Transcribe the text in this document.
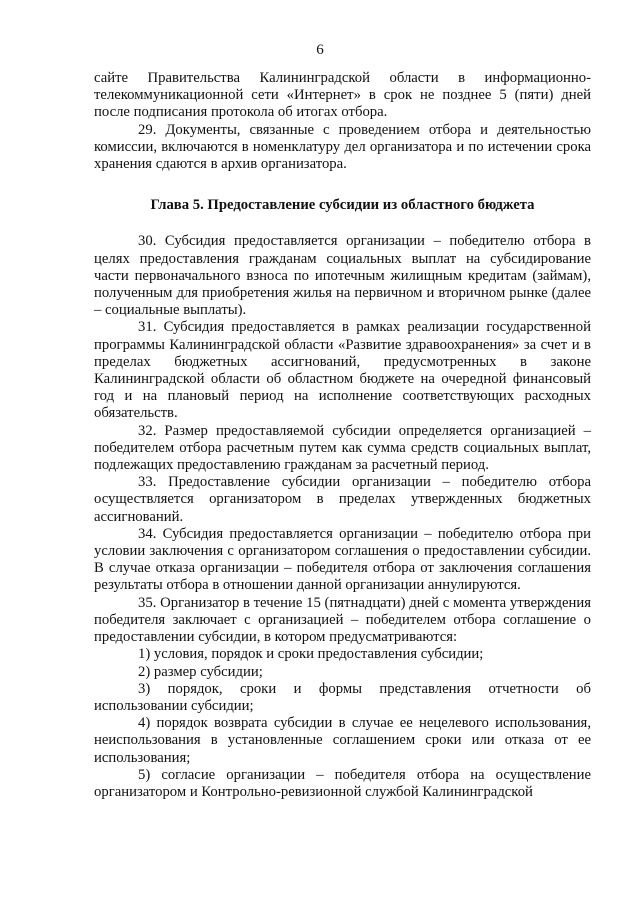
6

сайте Правительства Калининградской области в информационно-телекоммуникационной сети «Интернет» в срок не позднее 5 (пяти) дней после подписания протокола об итогах отбора.

29. Документы, связанные с проведением отбора и деятельностью комиссии, включаются в номенклатуру дел организатора и по истечении срока хранения сдаются в архив организатора.

Глава 5. Предоставление субсидии из областного бюджета

30. Субсидия предоставляется организации – победителю отбора в целях предоставления гражданам социальных выплат на субсидирование части первоначального взноса по ипотечным жилищным кредитам (займам), полученным для приобретения жилья на первичном и вторичном рынке (далее – социальные выплаты).

31. Субсидия предоставляется в рамках реализации государственной программы Калининградской области «Развитие здравоохранения» за счет и в пределах бюджетных ассигнований, предусмотренных в законе Калининградской области об областном бюджете на очередной финансовый год и на плановый период на исполнение соответствующих расходных обязательств.

32. Размер предоставляемой субсидии определяется организацией – победителем отбора расчетным путем как сумма средств социальных выплат, подлежащих предоставлению гражданам за расчетный период.

33. Предоставление субсидии организации – победителю отбора осуществляется организатором в пределах утвержденных бюджетных ассигнований.

34. Субсидия предоставляется организации – победителю отбора при условии заключения с организатором соглашения о предоставлении субсидии. В случае отказа организации – победителя отбора от заключения соглашения результаты отбора в отношении данной организации аннулируются.

35. Организатор в течение 15 (пятнадцати) дней с момента утверждения победителя заключает с организацией – победителем отбора соглашение о предоставлении субсидии, в котором предусматриваются:

1) условия, порядок и сроки предоставления субсидии;

2) размер субсидии;

3) порядок, сроки и формы представления отчетности об использовании субсидии;

4) порядок возврата субсидии в случае ее нецелевого использования, неиспользования в установленные соглашением сроки или отказа от ее использования;

5) согласие организации – победителя отбора на осуществление организатором и Контрольно-ревизионной службой Калининградской
